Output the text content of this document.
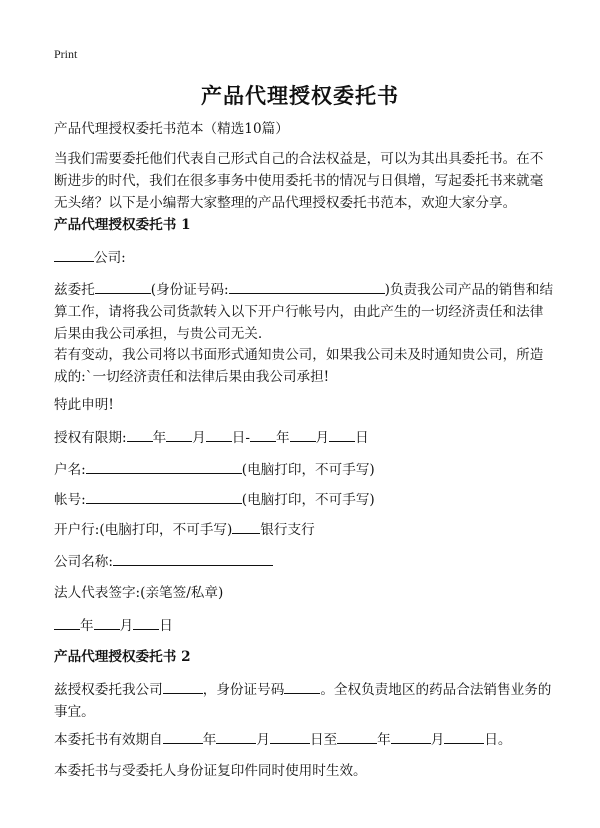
Print
产品代理授权委托书

产品代理授权委托书范本（精选10篇）

当我们需要委托他们代表自己形式自己的合法权益是，可以为其出具委托书。在不断进步的时代，我们在很多事务中使用委托书的情况与日俱增，写起委托书来就毫无头绪？以下是小编帮大家整理的产品代理授权委托书范本，欢迎大家分享。

产品代理授权委托书 1

公司:

兹委托	(身份证号码:	)负责我公司产品的销售和结算工作，请将我公司货款转入以下开户行帐号内，由此产生的一切经济责任和法律后果由我公司承担，与贵公司无关.

若有变动，我公司将以书面形式通知贵公司，如果我公司未及时通知贵公司，所造成的:`一切经济责任和法律后果由我公司承担!

特此申明!

授权有限期: 年 月 日- 年 月 日

户名:	(电脑打印，不可手写)

帐号:	(电脑打印，不可手写)

开户行:(电脑打印，不可手写) 银行支行

公司名称:

法人代表签字:(亲笔签/私章)

年 月 日

产品代理授权委托书 2

兹授权委托我公司	，身份证号码	。全权负责地区的药品合法销售业务的事宜。

本委托书有效期自	年	月	日至	年	月	日。

本委托书与受委托人身份证复印件同时使用时生效。
